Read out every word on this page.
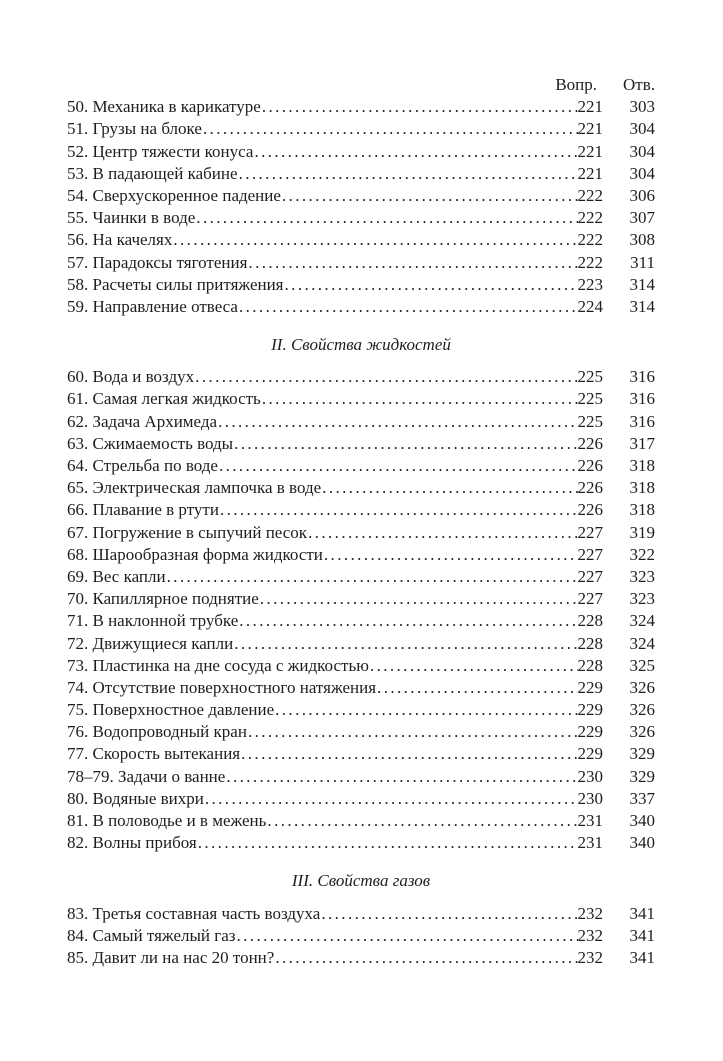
Вопр.	Отв.
50. Механика в карикатуре .....	221	303
51. Грузы на блоке .....	221	304
52. Центр тяжести конуса .....	221	304
53. В падающей кабине .....	221	304
54. Сверхускоренное падение .....	222	306
55. Чаинки в воде .....	222	307
56. На качелях .....	222	308
57. Парадоксы тяготения .....	222	311
58. Расчеты силы притяжения .....	223	314
59. Направление отвеса .....	224	314
II. Свойства жидкостей
60. Вода и воздух .....	225	316
61. Самая легкая жидкость .....	225	316
62. Задача Архимеда .....	225	316
63. Сжимаемость воды .....	226	317
64. Стрельба по воде .....	226	318
65. Электрическая лампочка в воде .....	226	318
66. Плавание в ртути .....	226	318
67. Погружение в сыпучий песок .....	227	319
68. Шарообразная форма жидкости .....	227	322
69. Вес капли .....	227	323
70. Капиллярное поднятие .....	227	323
71. В наклонной трубке .....	228	324
72. Движущиеся капли .....	228	324
73. Пластинка на дне сосуда с жидкостью .....	228	325
74. Отсутствие поверхностного натяжения .....	229	326
75. Поверхностное давление .....	229	326
76. Водопроводный кран .....	229	326
77. Скорость вытекания .....	229	329
78–79. Задачи о ванне .....	230	329
80. Водяные вихри .....	230	337
81. В половодье и в межень .....	231	340
82. Волны прибоя .....	231	340
III. Свойства газов
83. Третья составная часть воздуха .....	232	341
84. Самый тяжелый газ .....	232	341
85. Давит ли на нас 20 тонн? .....	232	341
